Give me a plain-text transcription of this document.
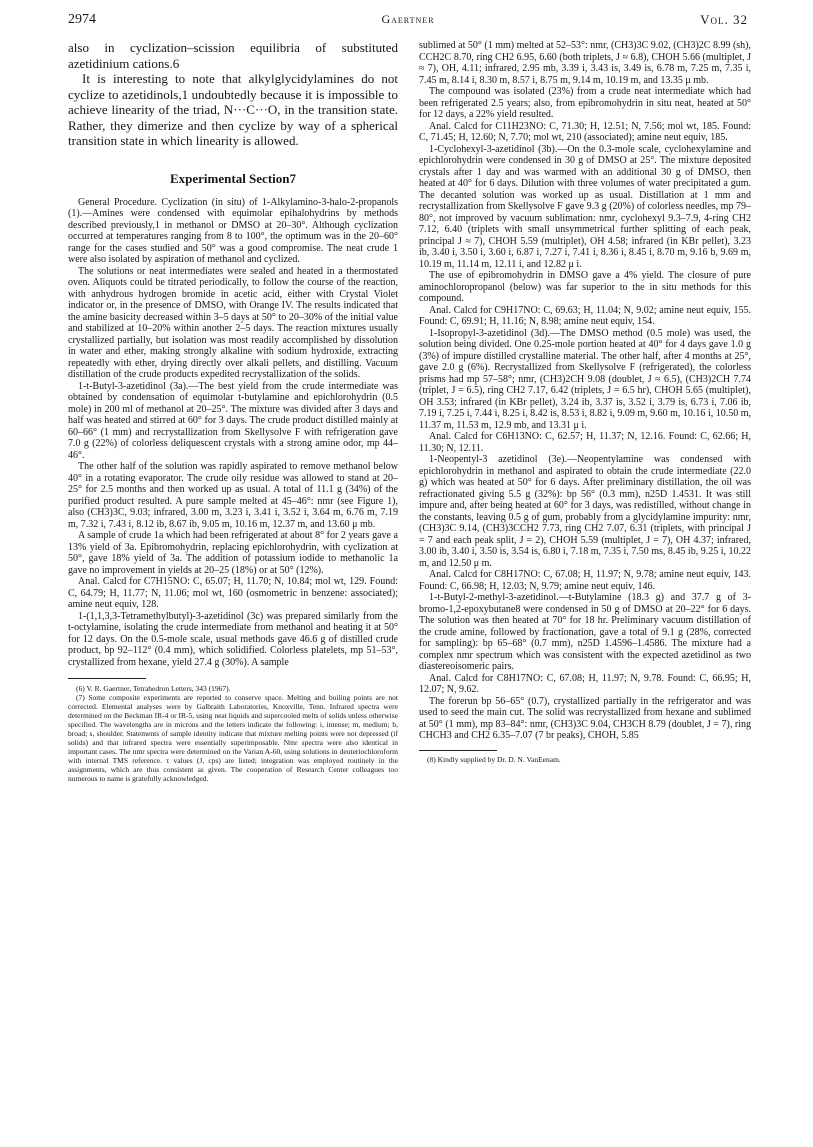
2974	Gaertner	Vol. 32

also in cyclization–scission equilibria of substituted azetidinium cations.6

It is interesting to note that alkylglycidylamines do not cyclize to azetidinols,1 undoubtedly because it is impossible to achieve linearity of the triad, N···C···O, in the transition state. Rather, they dimerize and then cyclize by way of a spherical transition state in which linearity is allowed.

Experimental Section7

General Procedure. Cyclization (in situ) of 1-Alkylamino-3-halo-2-propanols (1).—Amines were condensed with equimolar epihalohydrins by methods described previously,1 in methanol or DMSO at 20–30°. Although cyclization occurred at temperatures ranging from 8 to 100°, the optimum was in the 20–60° range for the cases studied and 50° was a good compromise. The neat crude 1 were also isolated by aspiration of methanol and cyclized.

The solutions or neat intermediates were sealed and heated in a thermostated oven. Aliquots could be titrated periodically, to follow the course of the reaction, with anhydrous hydrogen bromide in acetic acid, either with Crystal Violet indicator or, in the presence of DMSO, with Orange IV. The results indicated that the amine basicity decreased within 3–5 days at 50° to 20–30% of the initial value and stabilized at 10–20% within another 2–5 days. The reaction mixtures usually crystallized partially, but isolation was most readily accomplished by dissolution in water and ether, making strongly alkaline with sodium hydroxide, extracting repeatedly with ether, drying directly over alkali pellets, and distilling. Vacuum distillation of the crude products expedited recrystallization of the solids.

1-t-Butyl-3-azetidinol (3a).—The best yield from the crude intermediate was obtained by condensation of equimolar t-butylamine and epichlorohydrin (0.5 mole) in 200 ml of methanol at 20–25°. The mixture was divided after 3 days and half was heated and stirred at 60° for 3 days. The crude product distilled mainly at 60–66° (1 mm) and recrystallization from Skellysolve F with refrigeration gave 7.0 g (22%) of colorless deliquescent crystals with a strong amine odor, mp 44–46°.

The other half of the solution was rapidly aspirated to remove methanol below 40° in a rotating evaporator. The crude oily residue was allowed to stand at 20–25° for 2.5 months and then worked up as usual. A total of 11.1 g (34%) of the purified product resulted. A pure sample melted at 45–46°: nmr (see Figure 1), also (CH3)3C, 9.03; infrared, 3.00 m, 3.23 i, 3.41 i, 3.52 i, 3.64 m, 6.76 m, 7.19 m, 7.32 i, 7.43 i, 8.12 ib, 8.67 ib, 9.05 m, 10.16 m, 12.37 m, and 13.60 μ mb.

A sample of crude 1a which had been refrigerated at about 8° for 2 years gave a 13% yield of 3a. Epibromohydrin, replacing epichlorohydrin, with cyclization at 50°, gave 18% yield of 3a. The addition of potassium iodide to methanolic 1a gave no improvement in yields at 20–25 (18%) or at 50° (12%).

Anal. Calcd for C7H15NO: C, 65.07; H, 11.70; N, 10.84; mol wt, 129. Found: C, 64.79; H, 11.77; N, 11.06; mol wt, 160 (osmometric in benzene: associated); amine neut equiv, 128.

1-(1,1,3,3-Tetramethylbutyl)-3-azetidinol (3c) was prepared similarly from the t-octylamine, isolating the crude intermediate from methanol and heating it at 50° for 12 days. On the 0.5-mole scale, usual methods gave 46.6 g of distilled crude product, bp 92–112° (0.4 mm), which solidified. Colorless platelets, mp 51–53°, crystallized from hexane, yield 27.4 g (30%). A sample

(6) V. R. Gaertner, Tetrahedron Letters, 343 (1967).

(7) Some composite experiments are reported to conserve space. Melting and boiling points are not corrected. Elemental analyses were by Galbraith Laboratories, Knoxville, Tenn. Infrared spectra were determined on the Beckman IR-4 or IR-5, using neat liquids and supercooled melts of solids unless otherwise specified. The wavelengths are in microns and the letters indicate the following: i, intense; m, medium; b, broad; s, shoulder. Statements of sample identity indicate that mixture melting points were not depressed (if solids) and that infrared spectra were essentially superimposable. Nmr spectra were also identical in important cases. The nmr spectra were determined on the Varian A-60, using solutions in deuteriochloroform with internal TMS reference. τ values (J, cps) are listed; integration was employed routinely in the assignments, which are thus consistent as given. The cooperation of Research Center colleagues too numerous to name is gratefully acknowledged.

sublimed at 50° (1 mm) melted at 52–53°: nmr, (CH3)3C 9.02, (CH3)2C 8.99 (sh), CCH2C 8.70, ring CH2 6.95, 6.60 (both triplets, J ≈ 6.8), CHOH 5.66 (multiplet, J ≈ 7), OH, 4.11; infrared, 2.95 mb, 3.39 i, 3.43 is, 3.49 is, 6.78 m, 7.25 m, 7.35 i, 7.45 m, 8.14 i, 8.30 m, 8.57 i, 8.75 m, 9.14 m, 10.19 m, and 13.35 μ mb.

The compound was isolated (23%) from a crude neat intermediate which had been refrigerated 2.5 years; also, from epibromohydrin in situ neat, heated at 50° for 12 days, a 22% yield resulted.

Anal. Calcd for C11H23NO: C, 71.30; H, 12.51; N, 7.56; mol wt, 185. Found: C, 71.45; H, 12.60; N, 7.70; mol wt, 210 (associated); amine neut equiv, 185.

1-Cyclohexyl-3-azetidinol (3b).—On the 0.3-mole scale, cyclohexylamine and epichlorohydrin were condensed in 30 g of DMSO at 25°. The mixture deposited crystals after 1 day and was warmed with an additional 30 g of DMSO, then heated at 40° for 6 days. Dilution with three volumes of water precipitated a gum. The decanted solution was worked up as usual. Distillation at 1 mm and recrystallization from Skellysolve F gave 9.3 g (20%) of colorless needles, mp 79–80°, not improved by vacuum sublimation: nmr, cyclohexyl 9.3–7.9, 4-ring CH2 7.12, 6.40 (triplets with small unsymmetrical further splitting of each peak, principal J ≈ 7), CHOH 5.59 (multiplet), OH 4.58; infrared (in KBr pellet), 3.23 ib, 3.40 i, 3.50 i, 3.60 i, 6.87 i, 7.27 i, 7.41 i, 8.36 i, 8.45 i, 8.70 m, 9.16 b, 9.69 m, 10.19 m, 11.14 m, 12.11 i, and 12.82 μ i.

The use of epibromohydrin in DMSO gave a 4% yield. The closure of pure aminochloropropanol (below) was far superior to the in situ methods for this compound.

Anal. Calcd for C9H17NO: C, 69.63; H, 11.04; N, 9.02; amine neut equiv, 155. Found: C, 69.91; H, 11.16; N, 8.98; amine neut equiv, 154.

1-Isopropyl-3-azetidinol (3d).—The DMSO method (0.5 mole) was used, the solution being divided. One 0.25-mole portion heated at 40° for 4 days gave 1.0 g (3%) of impure distilled crystalline material. The other half, after 4 months at 25°, gave 2.0 g (6%). Recrystallized from Skellysolve F (refrigerated), the colorless prisms had mp 57–58°; nmr, (CH3)2CH 9.08 (doublet, J ≈ 6.5), (CH3)2CH 7.74 (triplet, J = 6.5), ring CH2 7.17, 6.42 (triplets, J = 6.5 hr), CHOH 5.65 (multiplet), OH 3.53; infrared (in KBr pellet), 3.24 ib, 3.37 is, 3.52 i, 3.79 is, 6.73 i, 7.06 ib, 7.19 i, 7.25 i, 7.44 i, 8.25 i, 8.42 is, 8.53 i, 8.82 i, 9.09 m, 9.60 m, 10.16 i, 10.50 m, 11.37 m, 11.53 m, 12.9 mb, and 13.31 μ i.

Anal. Calcd for C6H13NO: C, 62.57; H, 11.37; N, 12.16. Found: C, 62.66; H, 11.30; N, 12.11.

1-Neopentyl-3 azetidinol (3e).—Neopentylamine was condensed with epichlorohydrin in methanol and aspirated to obtain the crude intermediate (22.0 g) which was heated at 50° for 6 days. After preliminary distillation, the oil was refractionated giving 5.5 g (32%): bp 56° (0.3 mm), n25D 1.4531. It was still impure and, after being heated at 60° for 3 days, was redistilled, without change in the constants, leaving 0.5 g of gum, probably from a glycidylamine impurity: nmr, (CH3)3C 9.14, (CH3)3CCH2 7.73, ring CH2 7.07, 6.31 (triplets, with principal J = 7 and each peak split, J = 2), CHOH 5.59 (multiplet, J = 7), OH 4.37; infrared, 3.00 ib, 3.40 i, 3.50 is, 3.54 is, 6.80 i, 7.18 m, 7.35 i, 7.50 ms, 8.45 ib, 9.25 i, 10.22 m, and 12.50 μ m.

Anal. Calcd for C8H17NO: C, 67.08; H, 11.97; N, 9.78; amine neut equiv, 143. Found: C, 66.98; H, 12.03; N, 9.79; amine neut equiv, 146.

1-t-Butyl-2-methyl-3-azetidinol.—t-Butylamine (18.3 g) and 37.7 g of 3-bromo-1,2-epoxybutane8 were condensed in 50 g of DMSO at 20–22° for 6 days. The solution was then heated at 70° for 18 hr. Preliminary vacuum distillation of the crude amine, followed by fractionation, gave a total of 9.1 g (28%, corrected for sampling): bp 65–68° (0.7 mm), n25D 1.4596–1.4586. The mixture had a complex nmr spectrum which was consistent with the expected azetidinol as two diastereoisomeric pairs.

Anal. Calcd for C8H17NO: C, 67.08; H, 11.97; N, 9.78. Found: C, 66.95; H, 12.07; N, 9.62.

The forerun bp 56–65° (0.7), crystallized partially in the refrigerator and was used to seed the main cut. The solid was recrystallized from hexane and sublimed at 50° (1 mm), mp 83–84°: nmr, (CH3)3C 9.04, CH3CH 8.79 (doublet, J = 7), ring CHCH3 and CH2 6.35–7.07 (7 br peaks), CHOH, 5.85

(8) Kindly supplied by Dr. D. N. VanEenam.
